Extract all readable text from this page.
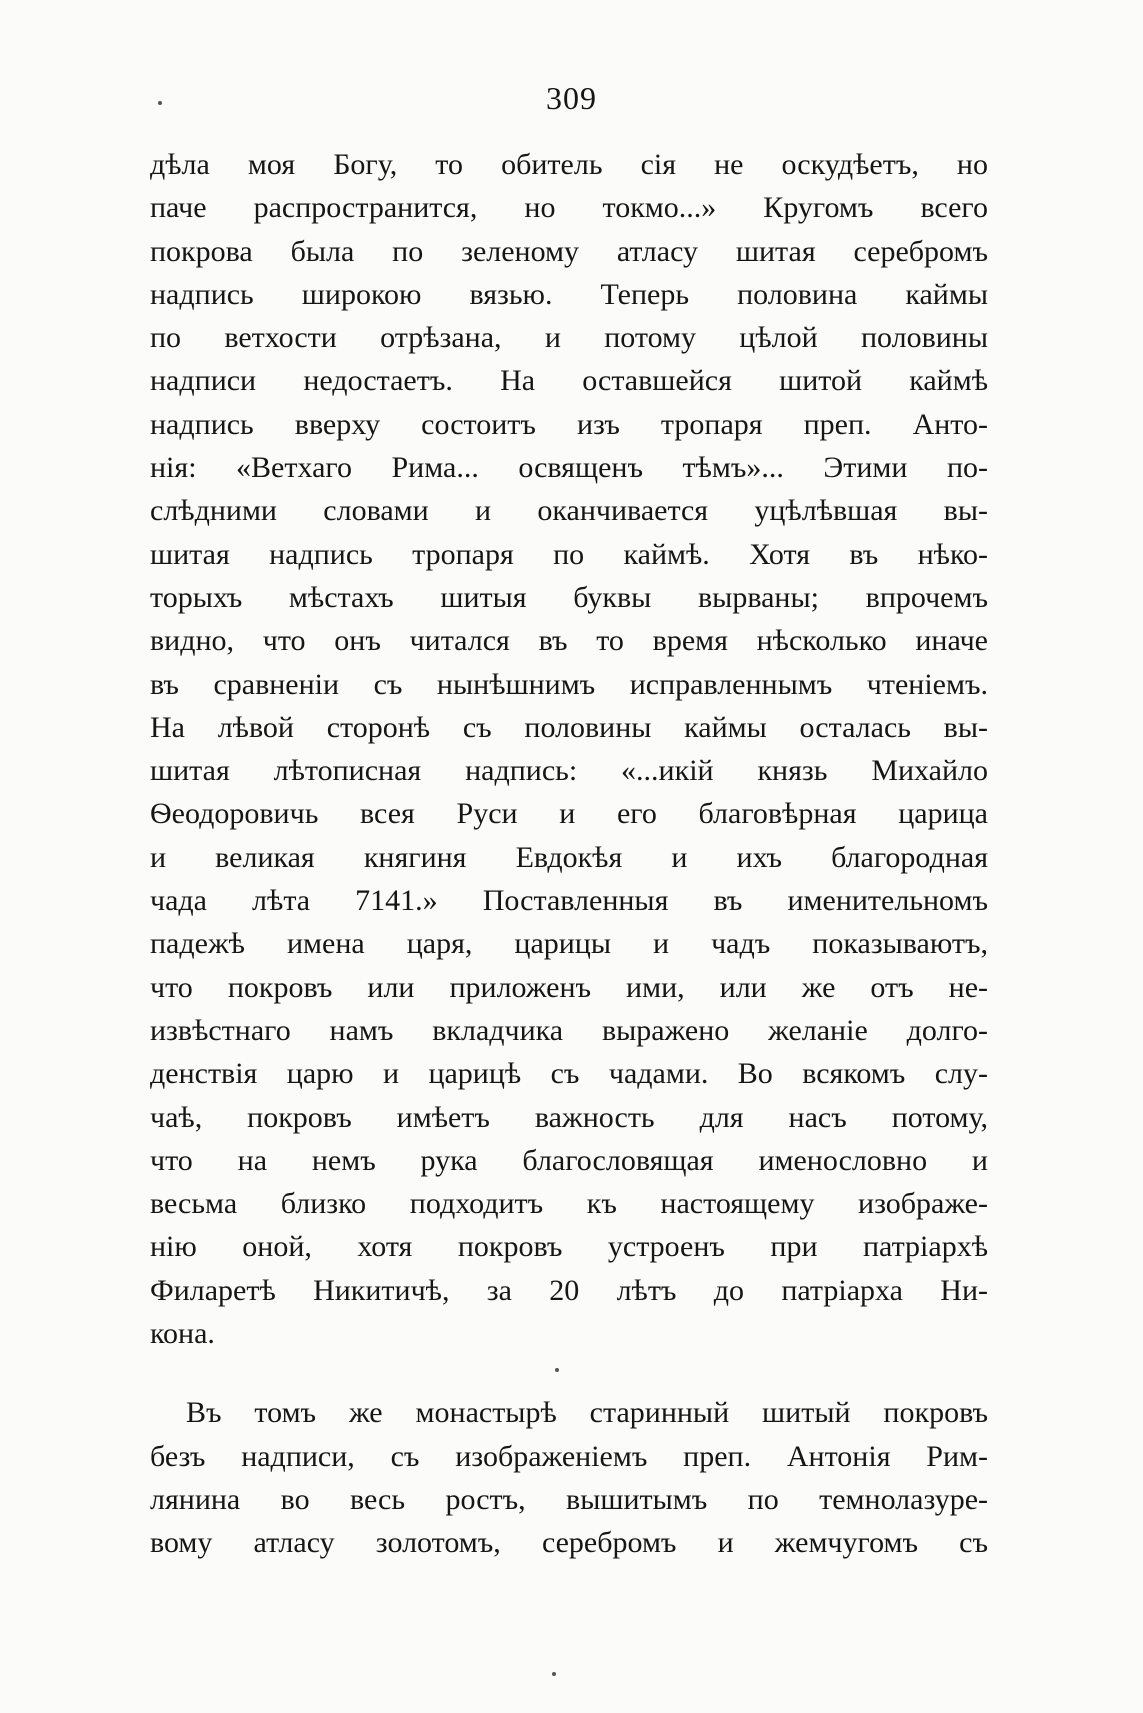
309
дѣла моя Богу, то обитель сія не оскудѣетъ, но
паче распространится, но токмо...» Кругомъ всего
покрова была по зеленому атласу шитая серебромъ
надпись широкою вязью. Теперь половина каймы
по ветхости отрѣзана, и потому цѣлой половины
надписи недостаетъ. На оставшейся шитой каймѣ
надпись вверху состоитъ изъ тропаря преп. Анто-
нія: «Ветхаго Рима... освященъ тѣмъ»... Этими по-
слѣдними словами и оканчивается уцѣлѣвшая вы-
шитая надпись тропаря по каймѣ. Хотя въ нѣко-
торыхъ мѣстахъ шитыя буквы вырваны; впрочемъ
видно, что онъ читался въ то время нѣсколько иначе
въ сравненіи съ нынѣшнимъ исправленнымъ чтеніемъ.
На лѣвой сторонѣ съ половины каймы осталась вы-
шитая лѣтописная надпись: «...икій князь Михайло
Ѳеодоровичь всея Руси и его благовѣрная царица
и великая княгиня Евдокѣя и ихъ благородная
чада лѣта 7141.» Поставленныя въ именительномъ
падежѣ имена царя, царицы и чадъ показываютъ,
что покровъ или приложенъ ими, или же отъ не-
извѣстнаго намъ вкладчика выражено желаніе долго-
денствія царю и царицѣ съ чадами. Во всякомъ слу-
чаѣ, покровъ имѣетъ важность для насъ потому,
что на немъ рука благословящая именословно и
весьма близко подходитъ къ настоящему изображе-
нію оной, хотя покровъ устроенъ при патріархѣ
Филаретѣ Никитичѣ, за 20 лѣтъ до патріарха Ни-
кона.
Въ томъ же монастырѣ старинный шитый покровъ
безъ надписи, съ изображеніемъ преп. Антонія Рим-
лянина во весь ростъ, вышитымъ по темнолазуре-
вому атласу золотомъ, серебромъ и жемчугомъ съ
